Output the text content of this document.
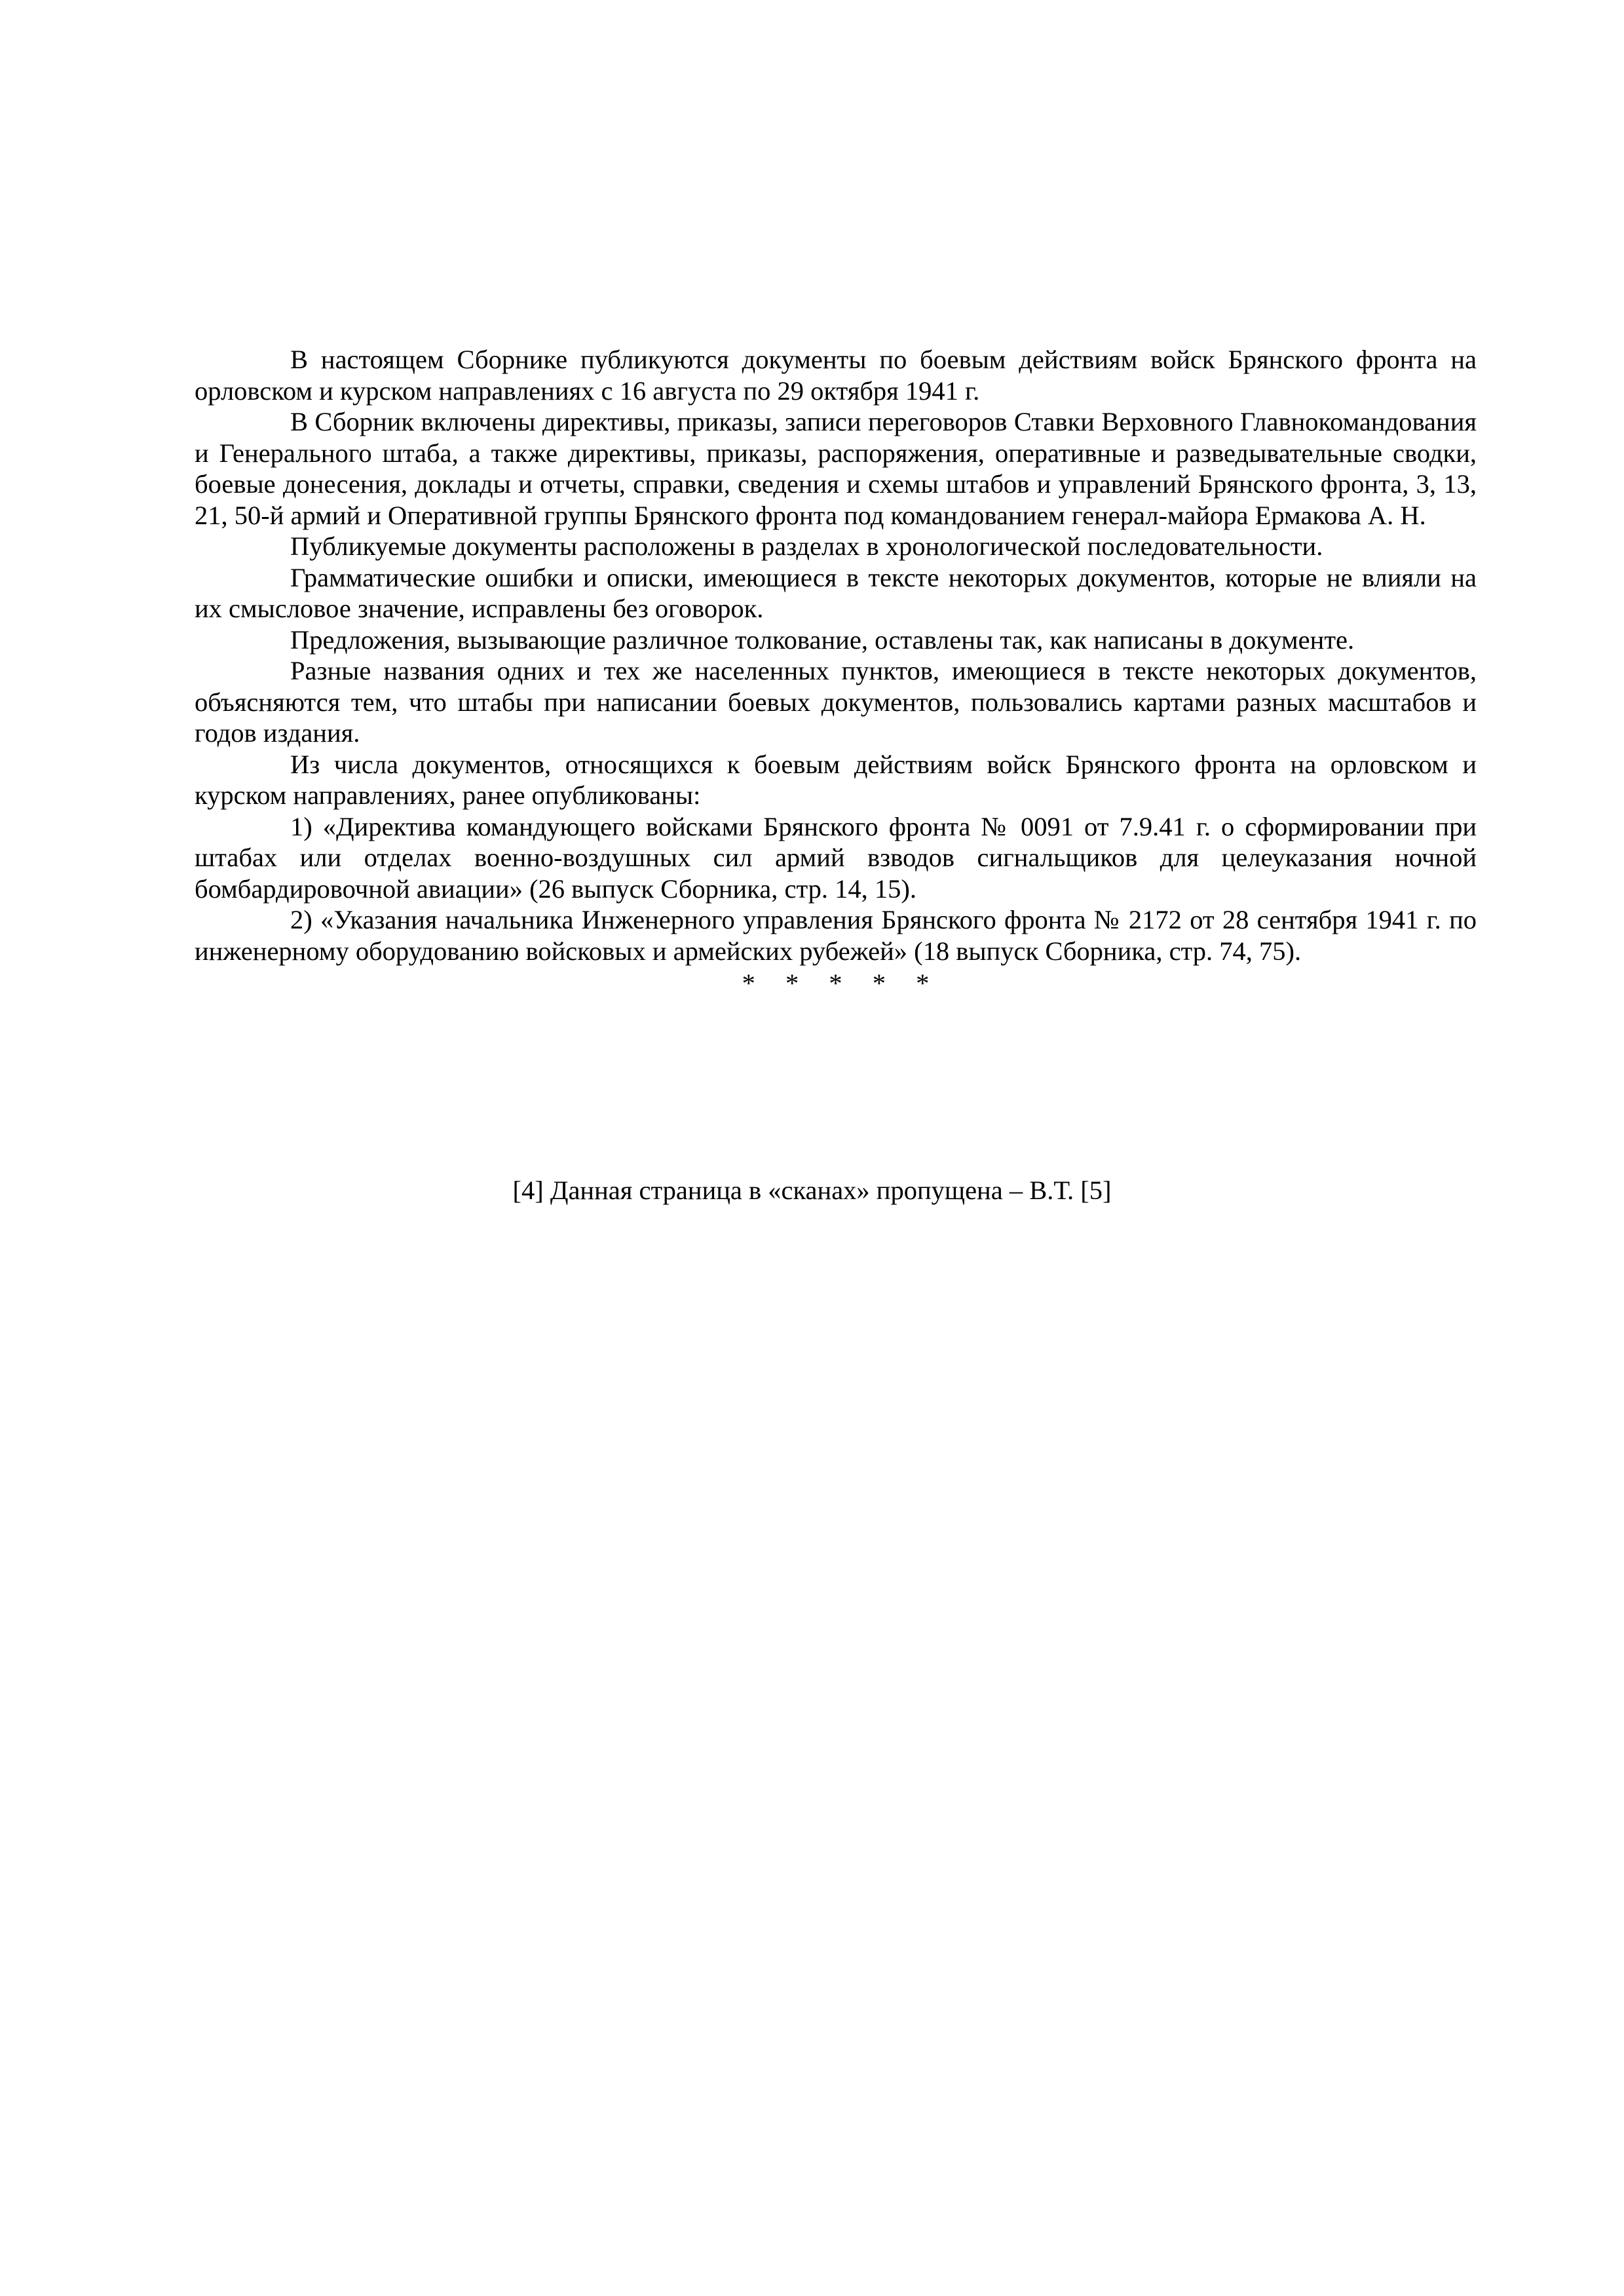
В настоящем Сборнике публикуются документы по боевым действиям войск Брянского фронта на орловском и курском направлениях с 16 августа по 29 октября 1941 г.

В Сборник включены директивы, приказы, записи переговоров Ставки Верховного Главнокомандования и Генерального штаба, а также директивы, приказы, распоряжения, оперативные и разведывательные сводки, боевые донесения, доклады и отчеты, справки, сведения и схемы штабов и управлений Брянского фронта, 3, 13, 21, 50-й армий и Оперативной группы Брянского фронта под командованием генерал-майора Ермакова А. Н.

Публикуемые документы расположены в разделах в хронологической последовательности.

Грамматические ошибки и описки, имеющиеся в тексте некоторых документов, которые не влияли на их смысловое значение, исправлены без оговорок.

Предложения, вызывающие различное толкование, оставлены так, как написаны в документе.

Разные названия одних и тех же населенных пунктов, имеющиеся в тексте некоторых документов, объясняются тем, что штабы при написании боевых документов, пользовались картами разных масштабов и годов издания.

Из числа документов, относящихся к боевым действиям войск Брянского фронта на орловском и курском направлениях, ранее опубликованы:

1) «Директива командующего войсками Брянского фронта № 0091 от 7.9.41 г. о сформировании при штабах или отделах военно-воздушных сил армий взводов сигнальщиков для целеуказания ночной бомбардировочной авиации» (26 выпуск Сборника, стр. 14, 15).

2) «Указания начальника Инженерного управления Брянского фронта № 2172 от 28 сентября 1941 г. по инженерному оборудованию войсковых и армейских рубежей» (18 выпуск Сборника, стр. 74, 75).

* * * * *
[4] Данная страница в «сканах» пропущена – В.Т. [5]
